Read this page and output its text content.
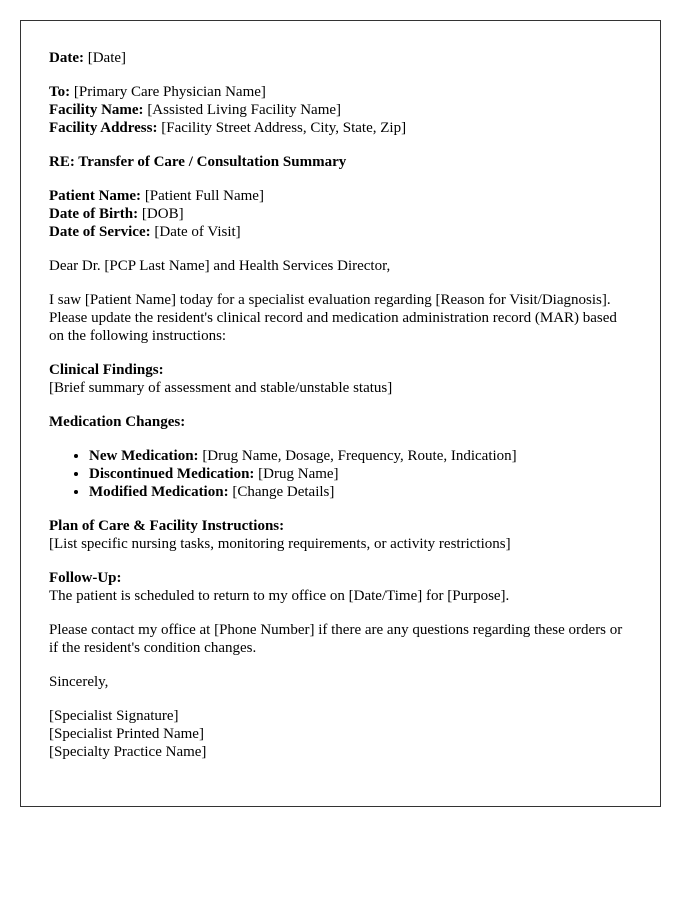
Date: [Date]

To: [Primary Care Physician Name]
Facility Name: [Assisted Living Facility Name]
Facility Address: [Facility Street Address, City, State, Zip]

RE: Transfer of Care / Consultation Summary

Patient Name: [Patient Full Name]
Date of Birth: [DOB]
Date of Service: [Date of Visit]

Dear Dr. [PCP Last Name] and Health Services Director,

I saw [Patient Name] today for a specialist evaluation regarding [Reason for Visit/Diagnosis]. Please update the resident's clinical record and medication administration record (MAR) based on the following instructions:

Clinical Findings:
[Brief summary of assessment and stable/unstable status]

Medication Changes:

• New Medication: [Drug Name, Dosage, Frequency, Route, Indication]
• Discontinued Medication: [Drug Name]
• Modified Medication: [Change Details]

Plan of Care & Facility Instructions:
[List specific nursing tasks, monitoring requirements, or activity restrictions]

Follow-Up:
The patient is scheduled to return to my office on [Date/Time] for [Purpose].

Please contact my office at [Phone Number] if there are any questions regarding these orders or if the resident's condition changes.

Sincerely,

[Specialist Signature]
[Specialist Printed Name]
[Specialty Practice Name]
